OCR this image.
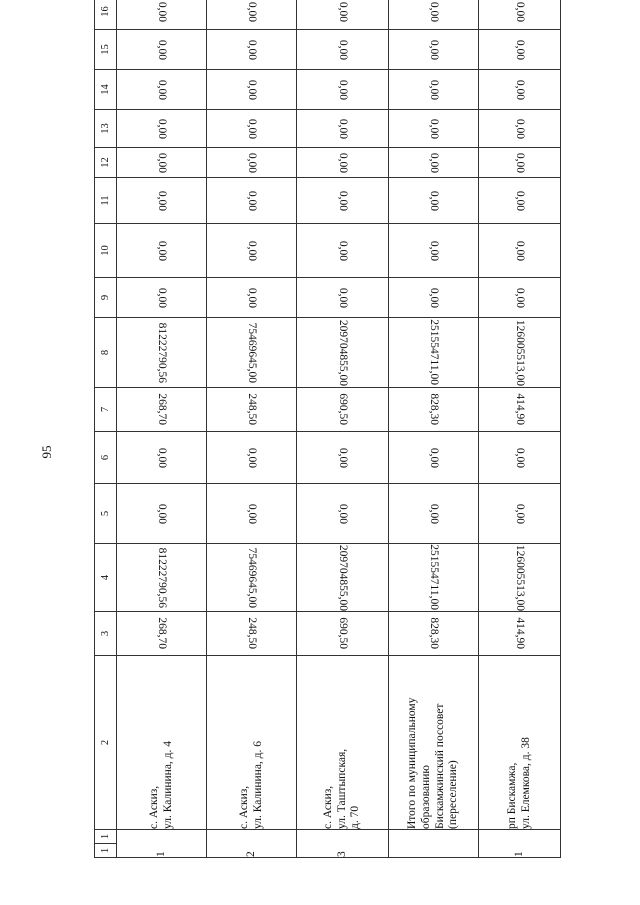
95
1	1	2	3	4	5	6	7	8	9	10	11	12	13	14	15	16
1		с. Аскиз, ул. Калинина, д. 4	268,70	81222790,56	0,00	0,00	268,70	81222790,56	0,00	0,00	0,00	0,00	0,00	0,00	0,00	0,00
2		с. Аскиз, ул. Калинина, д. 6	248,50	75469645,00	0,00	0,00	248,50	75469645,00	0,00	0,00	0,00	0,00	0,00	0,00	0,00	0,00
3		с. Аскиз, ул. Таштыпская, д. 70	690,50	209704855,00	0,00	0,00	690,50	209704855,00	0,00	0,00	0,00	0,00	0,00	0,00	0,00	0,00

		Итого по муниципальному образованию Бискамжинский поссовет (переселение)	828,30	251554711,00	0,00	0,00	828,30	251554711,00	0,00	0,00	0,00	0,00	0,00	0,00	0,00	0,00
1		рп Бискамжа, ул. Елемкова, д. 38	414,90	126005513,00	0,00	0,00	414,90	126005513,00	0,00	0,00	0,00	0,00	0,00	0,00	0,00	0,00
